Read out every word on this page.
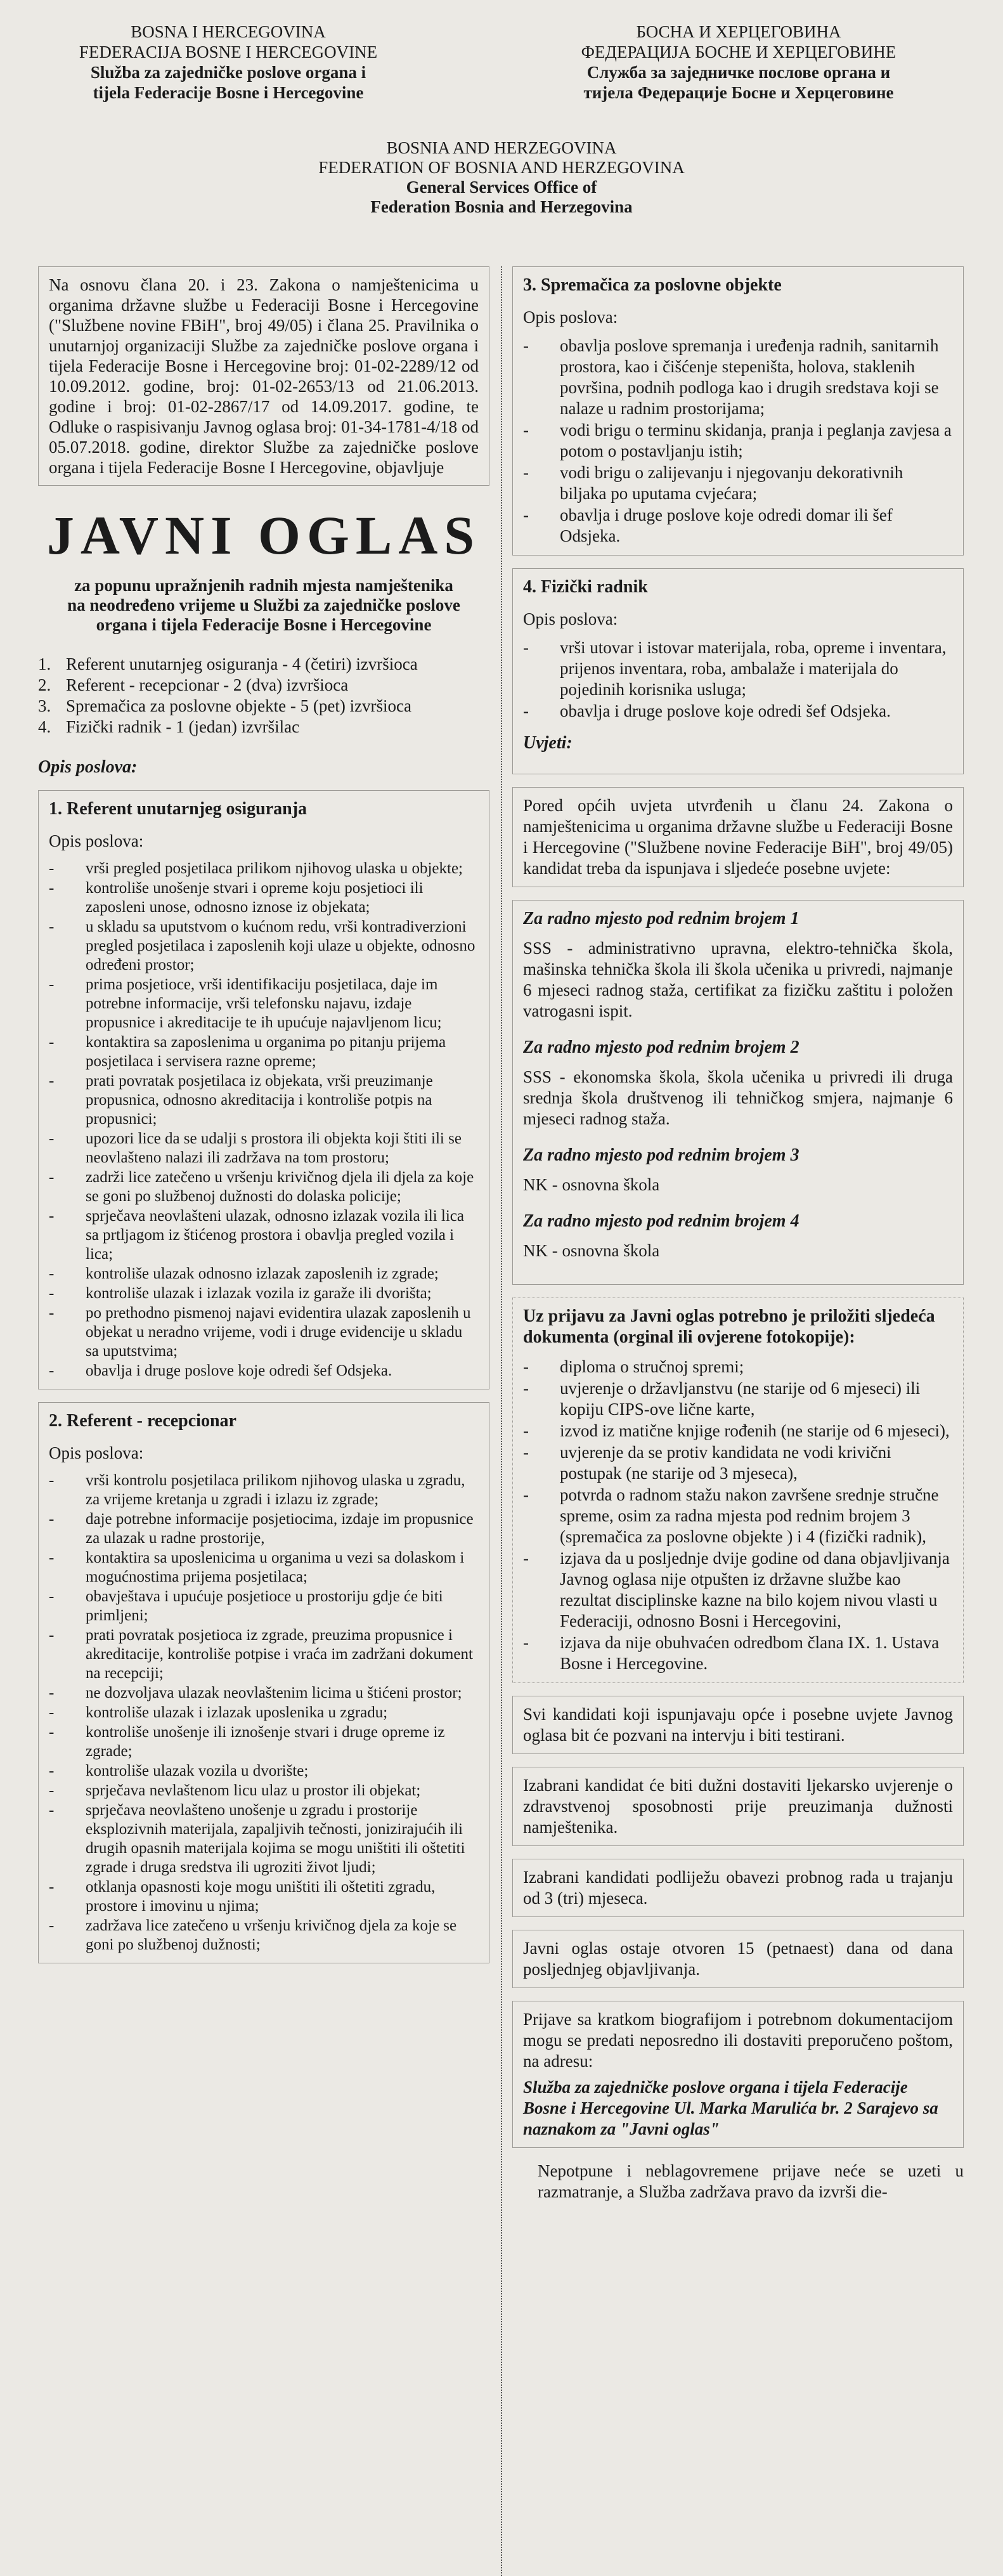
BOSNA I HERCEGOVINA
FEDERACIJA BOSNE I HERCEGOVINE
Služba za zajedničke poslove organa i
tijela Federacije Bosne i Hercegovine
БОСНА И ХЕРЦЕГОВИНА
ФЕДЕРАЦИЈА БОСНЕ И ХЕРЦЕГОВИНЕ
Служба за заједничке послове органа и
тијела Федерације Босне и Херцеговине
BOSNIA AND HERZEGOVINA
FEDERATION OF BOSNIA AND HERZEGOVINA
General Services Office of
Federation Bosnia and Herzegovina
Na osnovu člana 20. i 23. Zakona o namještenicima u organima državne službe u Federaciji Bosne i Hercegovine ("Službene novine FBiH", broj 49/05) i člana 25. Pravilnika o unutarnjoj organizaciji Službe za zajedničke poslove organa i tijela Federacije Bosne i Hercegovine broj: 01-02-2289/12 od 10.09.2012. godine, broj: 01-02-2653/13 od 21.06.2013. godine i broj: 01-02-2867/17 od 14.09.2017. godine, te Odluke o raspisivanju Javnog oglasa broj: 01-34-1781-4/18 od 05.07.2018. godine, direktor Službe za zajedničke poslove organa i tijela Federacije Bosne I Hercegovine, objavljuje
JAVNI OGLAS
za popunu upražnjenih radnih mjesta namještenika na neodređeno vrijeme u Službi za zajedničke poslove organa i tijela Federacije Bosne i Hercegovine
1. Referent unutarnjeg osiguranja - 4 (četiri) izvršioca
2. Referent - recepcionar - 2 (dva) izvršioca
3. Spremačica za poslovne objekte - 5 (pet) izvršioca
4. Fizički radnik - 1 (jedan) izvršilac
Opis poslova:
1. Referent unutarnjeg osiguranja
Opis poslova:
- vrši pregled posjetilaca prilikom njihovog ulaska u objekte;
- kontroliše unošenje stvari i opreme koju posjetioci ili zaposleni unose, odnosno iznose iz objekata;
- u skladu sa uputstvom o kućnom redu, vrši kontradiverzioni pregled posjetilaca i zaposlenih koji ulaze u objekte, odnosno određeni prostor;
- prima posjetioce, vrši identifikaciju posjetilaca, daje im potrebne informacije, vrši telefonsku najavu, izdaje propusnice i akreditacije te ih upućuje najavljenom licu;
- kontaktira sa zaposlenima u organima po pitanju prijema posjetilaca i servisera razne opreme;
- prati povratak posjetilaca iz objekata, vrši preuzimanje propusnica, odnosno akreditacija i kontroliše potpis na propusnici;
- upozori lice da se udalji s prostora ili objekta koji štiti ili se neovlašteno nalazi ili zadržava na tom prostoru;
- zadrži lice zatečeno u vršenju krivičnog djela ili djela za koje se goni po službenoj dužnosti do dolaska policije;
- sprječava neovlašteni ulazak, odnosno izlazak vozila ili lica sa prtljagom iz štićenog prostora i obavlja pregled vozila i lica;
- kontroliše ulazak odnosno izlazak zaposlenih iz zgrade;
- kontroliše ulazak i izlazak vozila iz garaže ili dvorišta;
- po prethodno pismenoj najavi evidentira ulazak zaposlenih u objekat u neradno vrijeme, vodi i druge evidencije u skladu sa uputstvima;
- obavlja i druge poslove koje odredi šef Odsjeka.
2. Referent - recepcionar
Opis poslova:
- vrši kontrolu posjetilaca prilikom njihovog ulaska u zgradu, za vrijeme kretanja u zgradi i izlazu iz zgrade;
- daje potrebne informacije posjetiocima, izdaje im propusnice za ulazak u radne prostorije,
- kontaktira sa uposlenicima u organima u vezi sa dolaskom i mogućnostima prijema posjetilaca;
- obavještava i upućuje posjetioce u prostoriju gdje će biti primljeni;
- prati povratak posjetioca iz zgrade, preuzima propusnice i akreditacije, kontroliše potpise i vraća im zadržani dokument na recepciji;
- ne dozvoljava ulazak neovlaštenim licima u štićeni prostor;
- kontroliše ulazak i izlazak uposlenika u zgradu;
- kontroliše unošenje ili iznošenje stvari i druge opreme iz zgrade;
- kontroliše ulazak vozila u dvorište;
- sprječava nevlaštenom licu ulaz u prostor ili objekat;
- sprječava neovlašteno unošenje u zgradu i prostorije eksplozivnih materijala, zapaljivih tečnosti, jonizirajućih ili drugih opasnih materijala kojima se mogu uništiti ili oštetiti zgrade i druga sredstva ili ugroziti život ljudi;
- otklanja opasnosti koje mogu uništiti ili oštetiti zgradu, prostore i imovinu u njima;
- zadržava lice zatečeno u vršenju krivičnog djela za koje se goni po službenoj dužnosti;
3. Spremačica za poslovne objekte
Opis poslova:
- obavlja poslove spremanja i uređenja radnih, sanitarnih prostora, kao i čišćenje stepeništa, holova, staklenih površina, podnih podloga kao i drugih sredstava koji se nalaze u radnim prostorijama;
- vodi brigu o terminu skidanja, pranja i peglanja zavjesa a potom o postavljanju istih;
- vodi brigu o zalijevanju i njegovanju dekorativnih biljaka po uputama cvjećara;
- obavlja i druge poslove koje odredi domar ili šef Odsjeka.
4. Fizički radnik
Opis poslova:
- vrši utovar i istovar materijala, roba, opreme i inventara, prijenos inventara, roba, ambalaže i materijala do pojedinih korisnika usluga;
- obavlja i druge poslove koje odredi šef Odsjeka.
Uvjeti:
Pored općih uvjeta utvrđenih u članu 24. Zakona o namještenicima u organima državne službe u Federaciji Bosne i Hercegovine ("Službene novine Federacije BiH", broj 49/05) kandidat treba da ispunjava i sljedeće posebne uvjete:
Za radno mjesto pod rednim brojem 1
SSS - administrativno upravna, elektro-tehnička škola, mašinska tehnička škola ili škola učenika u privredi, najmanje 6 mjeseci radnog staža, certifikat za fizičku zaštitu i položen vatrogasni ispit.
Za radno mjesto pod rednim brojem 2
SSS - ekonomska škola, škola učenika u privredi ili druga srednja škola društvenog ili tehničkog smjera, najmanje 6 mjeseci radnog staža.
Za radno mjesto pod rednim brojem 3
NK - osnovna škola
Za radno mjesto pod rednim brojem 4
NK - osnovna škola
Uz prijavu za Javni oglas potrebno je priložiti sljedeća dokumenta (orginal ili ovjerene fotokopije):
- diploma o stručnoj spremi;
- uvjerenje o državljanstvu (ne starije od 6 mjeseci) ili kopiju CIPS-ove lične karte,
- izvod iz matične knjige rođenih (ne starije od 6 mjeseci),
- uvjerenje da se protiv kandidata ne vodi krivični postupak (ne starije od 3 mjeseca),
- potvrda o radnom stažu nakon završene srednje stručne spreme, osim za radna mjesta pod rednim brojem 3 (spremačica za poslovne objekte ) i 4 (fizički radnik),
- izjava da u posljednje dvije godine od dana objavljivanja Javnog oglasa nije otpušten iz državne službe kao rezultat disciplinske kazne na bilo kojem nivou vlasti u Federaciji, odnosno Bosni i Hercegovini,
- izjava da nije obuhvaćen odredbom člana IX. 1. Ustava Bosne i Hercegovine.
Svi kandidati koji ispunjavaju opće i posebne uvjete Javnog oglasa bit će pozvani na intervju i biti testirani.
Izabrani kandidat će biti dužni dostaviti ljekarsko uvjerenje o zdravstvenoj sposobnosti prije preuzimanja dužnosti namještenika.
Izabrani kandidati podliježu obavezi probnog rada u trajanju od 3 (tri) mjeseca.
Javni oglas ostaje otvoren 15 (petnaest) dana od dana posljednjeg objavljivanja.
Prijave sa kratkom biografijom i potrebnom dokumentacijom mogu se predati neposredno ili dostaviti preporučeno poštom, na adresu:
Služba za zajedničke poslove organa i tijela Federacije Bosne i Hercegovine Ul. Marka Marulića br. 2 Sarajevo sa naznakom za "Javni oglas"
Nepotpune i neblagovremene prijave neće se uzeti u razmatranje, a Služba zadržava pravo da izvrši die-
